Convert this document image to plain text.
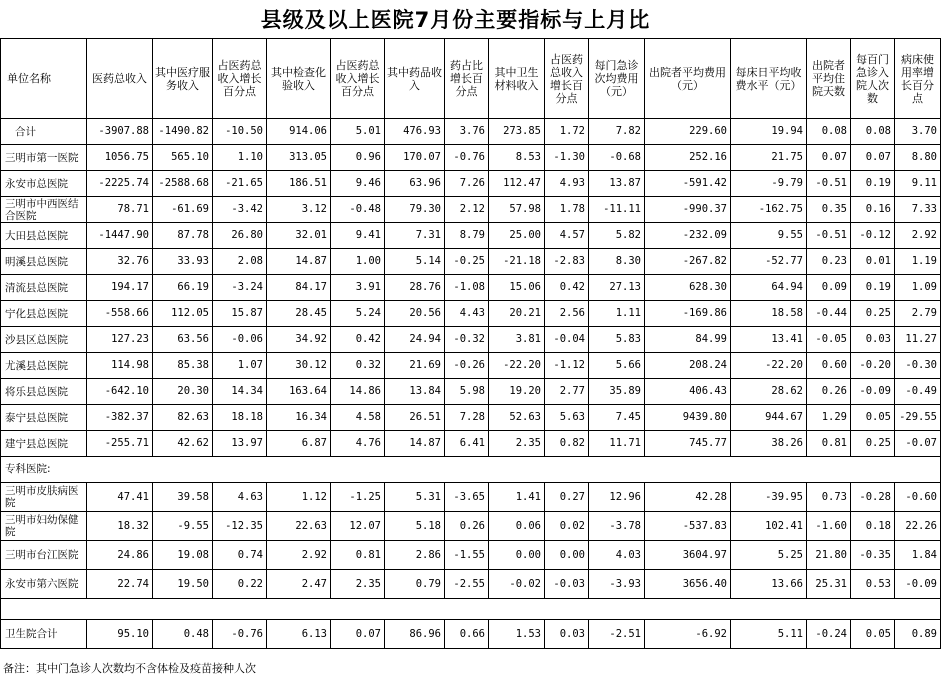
县级及以上医院7月份主要指标与上月比
单位名称	医药总收入	其中医疗服务收入	占医药总收入增长百分点	其中检查化验收入	占医药总收入增长百分点	其中药品收入	药占比增长百分点	其中卫生材料收入	占医药总收入增长百分点	每门急诊次均费用（元）	出院者平均费用（元）	每床日平均收费水平（元）	出院者平均住院天数	每百门急诊入院人次数	病床使用率增长百分点
合计	-3907.88	-1490.82	-10.50	914.06	5.01	476.93	3.76	273.85	1.72	7.82	229.60	19.94	0.08	0.08	3.70
三明市第一医院	1056.75	565.10	1.10	313.05	0.96	170.07	-0.76	8.53	-1.30	-0.68	252.16	21.75	0.07	0.07	8.80
永安市总医院	-2225.74	-2588.68	-21.65	186.51	9.46	63.96	7.26	112.47	4.93	13.87	-591.42	-9.79	-0.51	0.19	9.11
三明市中西医结合医院	78.71	-61.69	-3.42	3.12	-0.48	79.30	2.12	57.98	1.78	-11.11	-990.37	-162.75	0.35	0.16	7.33
大田县总医院	-1447.90	87.78	26.80	32.01	9.41	7.31	8.79	25.00	4.57	5.82	-232.09	9.55	-0.51	-0.12	2.92
明溪县总医院	32.76	33.93	2.08	14.87	1.00	5.14	-0.25	-21.18	-2.83	8.30	-267.82	-52.77	0.23	0.01	1.19
清流县总医院	194.17	66.19	-3.24	84.17	3.91	28.76	-1.08	15.06	0.42	27.13	628.30	64.94	0.09	0.19	1.09
宁化县总医院	-558.66	112.05	15.87	28.45	5.24	20.56	4.43	20.21	2.56	1.11	-169.86	18.58	-0.44	0.25	2.79
沙县区总医院	127.23	63.56	-0.06	34.92	0.42	24.94	-0.32	3.81	-0.04	5.83	84.99	13.41	-0.05	0.03	11.27
尤溪县总医院	114.98	85.38	1.07	30.12	0.32	21.69	-0.26	-22.20	-1.12	5.66	208.24	-22.20	0.60	-0.20	-0.30
将乐县总医院	-642.10	20.30	14.34	163.64	14.86	13.84	5.98	19.20	2.77	35.89	406.43	28.62	0.26	-0.09	-0.49
泰宁县总医院	-382.37	82.63	18.18	16.34	4.58	26.51	7.28	52.63	5.63	7.45	9439.80	944.67	1.29	0.05	-29.55
建宁县总医院	-255.71	42.62	13.97	6.87	4.76	14.87	6.41	2.35	0.82	11.71	745.77	38.26	0.81	0.25	-0.07
专科医院:															
三明市皮肤病医院	47.41	39.58	4.63	1.12	-1.25	5.31	-3.65	1.41	0.27	12.96	42.28	-39.95	0.73	-0.28	-0.60
三明市妇幼保健院	18.32	-9.55	-12.35	22.63	12.07	5.18	0.26	0.06	0.02	-3.78	-537.83	102.41	-1.60	0.18	22.26
三明市台江医院	24.86	19.08	0.74	2.92	0.81	2.86	-1.55	0.00	0.00	4.03	3604.97	5.25	21.80	-0.35	1.84
永安市第六医院	22.74	19.50	0.22	2.47	2.35	0.79	-2.55	-0.02	-0.03	-3.93	3656.40	13.66	25.31	0.53	-0.09

卫生院合计	95.10	0.48	-0.76	6.13	0.07	86.96	0.66	1.53	0.03	-2.51	-6.92	5.11	-0.24	0.05	0.89
备注：其中门急诊人次数均不含体检及疫苗接种人次
